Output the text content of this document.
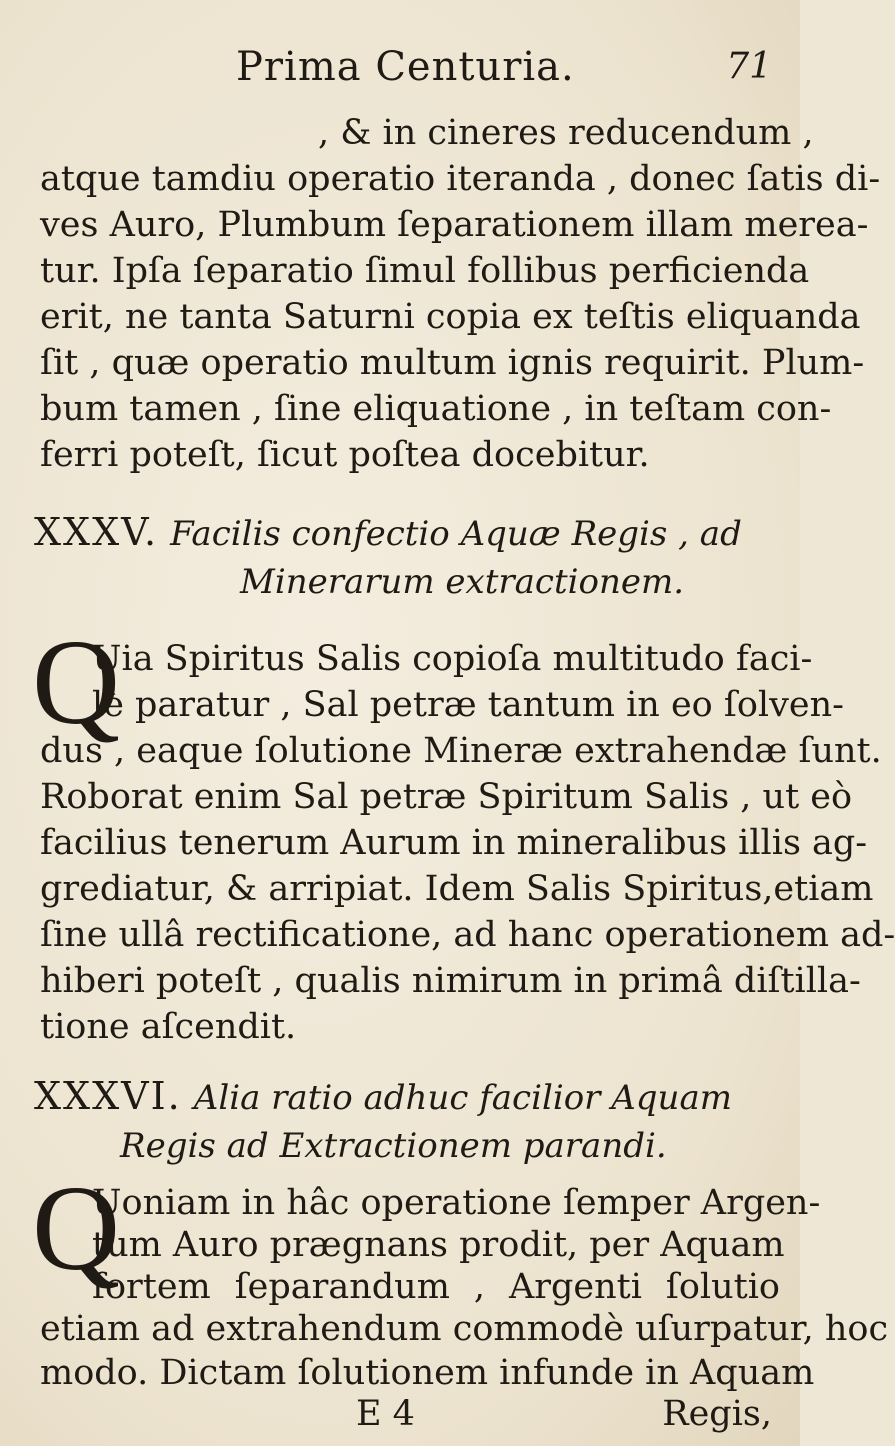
Prima Centuria.	71
, & in cineres reducendum ,
atque tamdiu operatio iteranda , donec ſatis di-
ves Auro, Plumbum ſeparationem illam merea-
tur. Ipſa ſeparatio ſimul follibus perficienda
erit, ne tanta Saturni copia ex teſtis eliquanda
ſit , quæ operatio multum ignis requirit. Plum-
bum tamen , ſine eliquatione , in teſtam con-
ferri poteſt, ſicut poſtea docebitur.
XXXV. Facilis confectio Aquæ Regis , ad
Minerarum extractionem.
Q
Uia Spiritus Salis copioſa multitudo faci-
lè paratur , Sal petræ tantum in eo ſolven-
dus , eaque ſolutione Mineræ extrahendæ ſunt.
Roborat enim Sal petræ Spiritum Salis , ut eò
facilius tenerum Aurum in mineralibus illis ag-
grediatur, & arripiat. Idem Salis Spiritus,etiam
ſine ullâ rectificatione, ad hanc operationem ad-
hiberi poteſt , qualis nimirum in primâ diſtilla-
tione aſcendit.
XXXVI. Alia ratio adhuc facilior Aquam
Regis ad Extractionem parandi.
Q
Uoniam in hâc operatione ſemper Argen-
tum Auro prægnans prodit, per Aquam
fortem ſeparandum , Argenti ſolutio
etiam ad extrahendum commodè uſurpatur, hoc
modo. Dictam ſolutionem infunde in Aquam
E 4	Regis,
